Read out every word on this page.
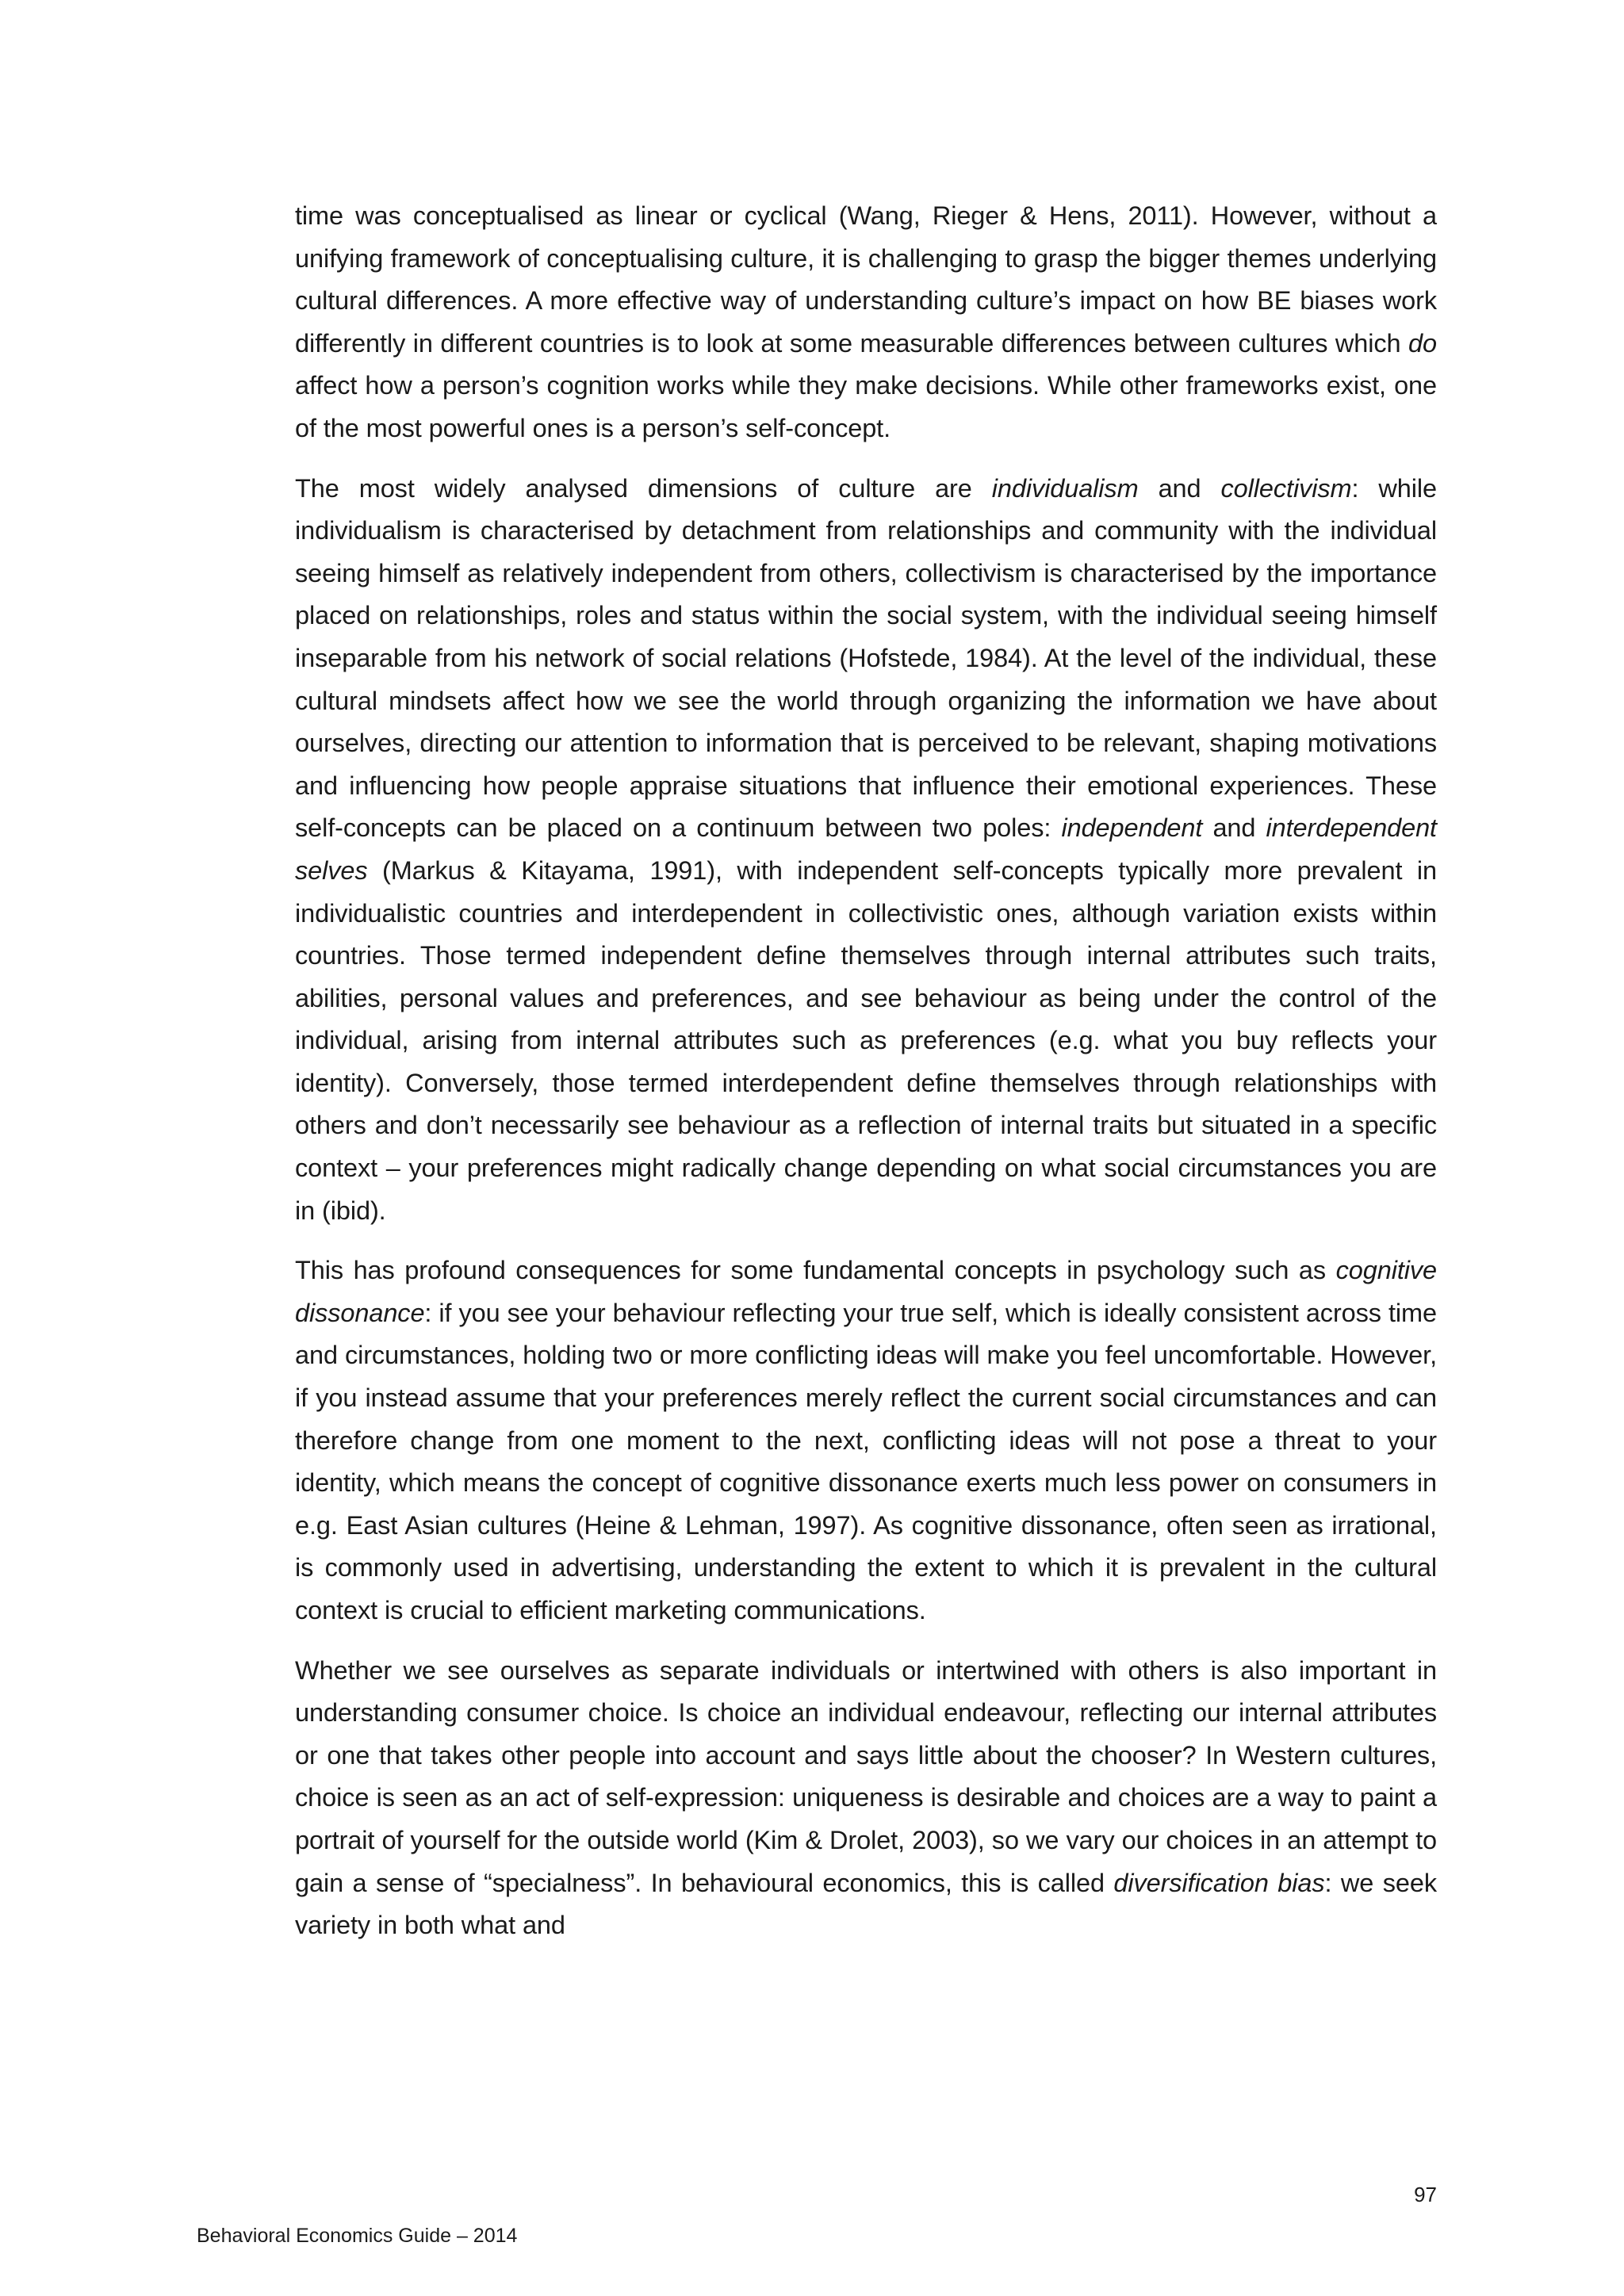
time was conceptualised as linear or cyclical (Wang, Rieger & Hens, 2011). However, without a unifying framework of conceptualising culture, it is challenging to grasp the bigger themes underlying cultural differences. A more effective way of understanding culture’s impact on how BE biases work differently in different countries is to look at some measurable differences between cultures which do affect how a person’s cognition works while they make decisions. While other frameworks exist, one of the most powerful ones is a person’s self-concept.

The most widely analysed dimensions of culture are individualism and collectivism: while individualism is characterised by detachment from relationships and community with the individual seeing himself as relatively independent from others, collectivism is characterised by the importance placed on relationships, roles and status within the social system, with the individual seeing himself inseparable from his network of social relations (Hofstede, 1984). At the level of the individual, these cultural mindsets affect how we see the world through organizing the information we have about ourselves, directing our attention to information that is perceived to be relevant, shaping motivations and influencing how people appraise situations that influence their emotional experiences. These self-concepts can be placed on a continuum between two poles: independent and interdependent selves (Markus & Kitayama, 1991), with independent self-concepts typically more prevalent in individualistic countries and interdependent in collectivistic ones, although variation exists within countries. Those termed independent define themselves through internal attributes such traits, abilities, personal values and preferences, and see behaviour as being under the control of the individual, arising from internal attributes such as preferences (e.g. what you buy reflects your identity). Conversely, those termed interdependent define themselves through relationships with others and don’t necessarily see behaviour as a reflection of internal traits but situated in a specific context – your preferences might radically change depending on what social circumstances you are in (ibid).

This has profound consequences for some fundamental concepts in psychology such as cognitive dissonance: if you see your behaviour reflecting your true self, which is ideally consistent across time and circumstances, holding two or more conflicting ideas will make you feel uncomfortable. However, if you instead assume that your preferences merely reflect the current social circumstances and can therefore change from one moment to the next, conflicting ideas will not pose a threat to your identity, which means the concept of cognitive dissonance exerts much less power on consumers in e.g. East Asian cultures (Heine & Lehman, 1997). As cognitive dissonance, often seen as irrational, is commonly used in advertising, understanding the extent to which it is prevalent in the cultural context is crucial to efficient marketing communications.

Whether we see ourselves as separate individuals or intertwined with others is also important in understanding consumer choice. Is choice an individual endeavour, reflecting our internal attributes or one that takes other people into account and says little about the chooser? In Western cultures, choice is seen as an act of self-expression: uniqueness is desirable and choices are a way to paint a portrait of yourself for the outside world (Kim & Drolet, 2003), so we vary our choices in an attempt to gain a sense of “specialness”. In behavioural economics, this is called diversification bias: we seek variety in both what and

97
Behavioral Economics Guide – 2014
